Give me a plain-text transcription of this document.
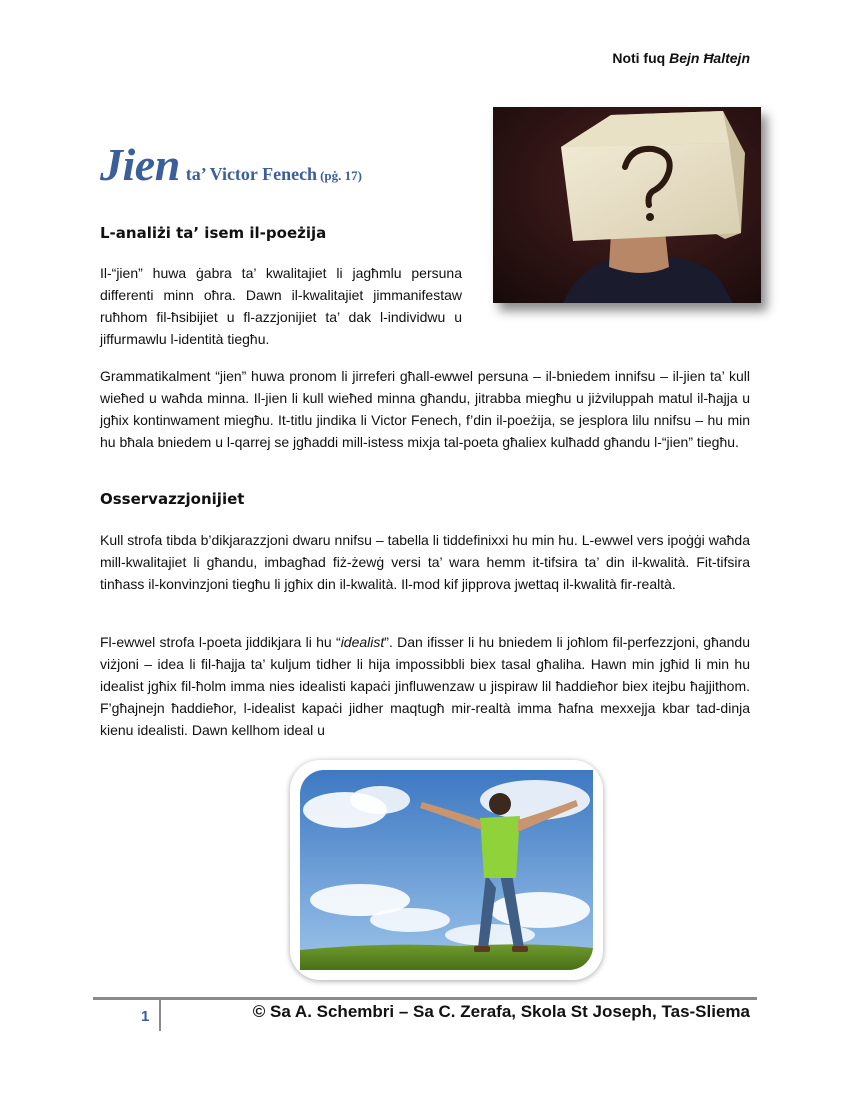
Noti fuq Bejn Ħaltejn
Jien ta’ Victor Fenech (pġ. 17)
L-analiżi ta’ isem il-poeżija

Il-“jien” huwa ġabra ta’ kwalitajiet li jagħmlu persuna differenti minn oħra. Dawn il-kwalitajiet jimmanifestaw ruħhom fil-ħsibijiet u fl-azzjonijiet ta’ dak l-individwu u jiffurmawlu l-identità tiegħu.

Grammatikalment “jien” huwa pronom li jirreferi għall-ewwel persuna – il-bniedem innifsu – il-jien ta’ kull wieħed u waħda minna. Il-jien li kull wieħed minna għandu, jitrabba miegħu u jiżviluppah matul il-ħajja u jgħix kontinwament miegħu. It-titlu jindika li Victor Fenech, f’din il-poeżija, se jesplora lilu nnifsu – hu min hu bħala bniedem u l-qarrej se jgħaddi mill-istess mixja tal-poeta għaliex kulħadd għandu l-“jien” tiegħu.

Osservazzjonijiet

Kull strofa tibda b’dikjarazzjoni dwaru nnifsu – tabella li tiddefinixxi hu min hu. L-ewwel vers ipoġġi waħda mill-kwalitajiet li għandu, imbagħad fiż-żewġ versi ta’ wara hemm it-tifsira ta’ din il-kwalità. Fit-tifsira tinħass il-konvinzjoni tiegħu li jgħix din il-kwalità. Il-mod kif jipprova jwettaq il-kwalità fir-realtà.

Fl-ewwel strofa l-poeta jiddikjara li hu “idealist”. Dan ifisser li hu bniedem li joħlom fil-perfezzjoni, għandu viżjoni – idea li fil-ħajja ta’ kuljum tidher li hija impossibbli biex tasal għaliha. Hawn min jgħid li min hu idealist jgħix fil-ħolm imma nies idealisti kapaċi jinfluwenzaw u jispiraw lil ħaddieħor biex itejbu ħajjithom. F’għajnejn ħaddieħor, l-idealist kapaċi jidher maqtugħ mir-realtà imma ħafna mexxejja kbar tad-dinja kienu idealisti. Dawn kellhom ideal u

1	© Sa A. Schembri – Sa C. Zerafa, Skola St Joseph, Tas-Sliema
